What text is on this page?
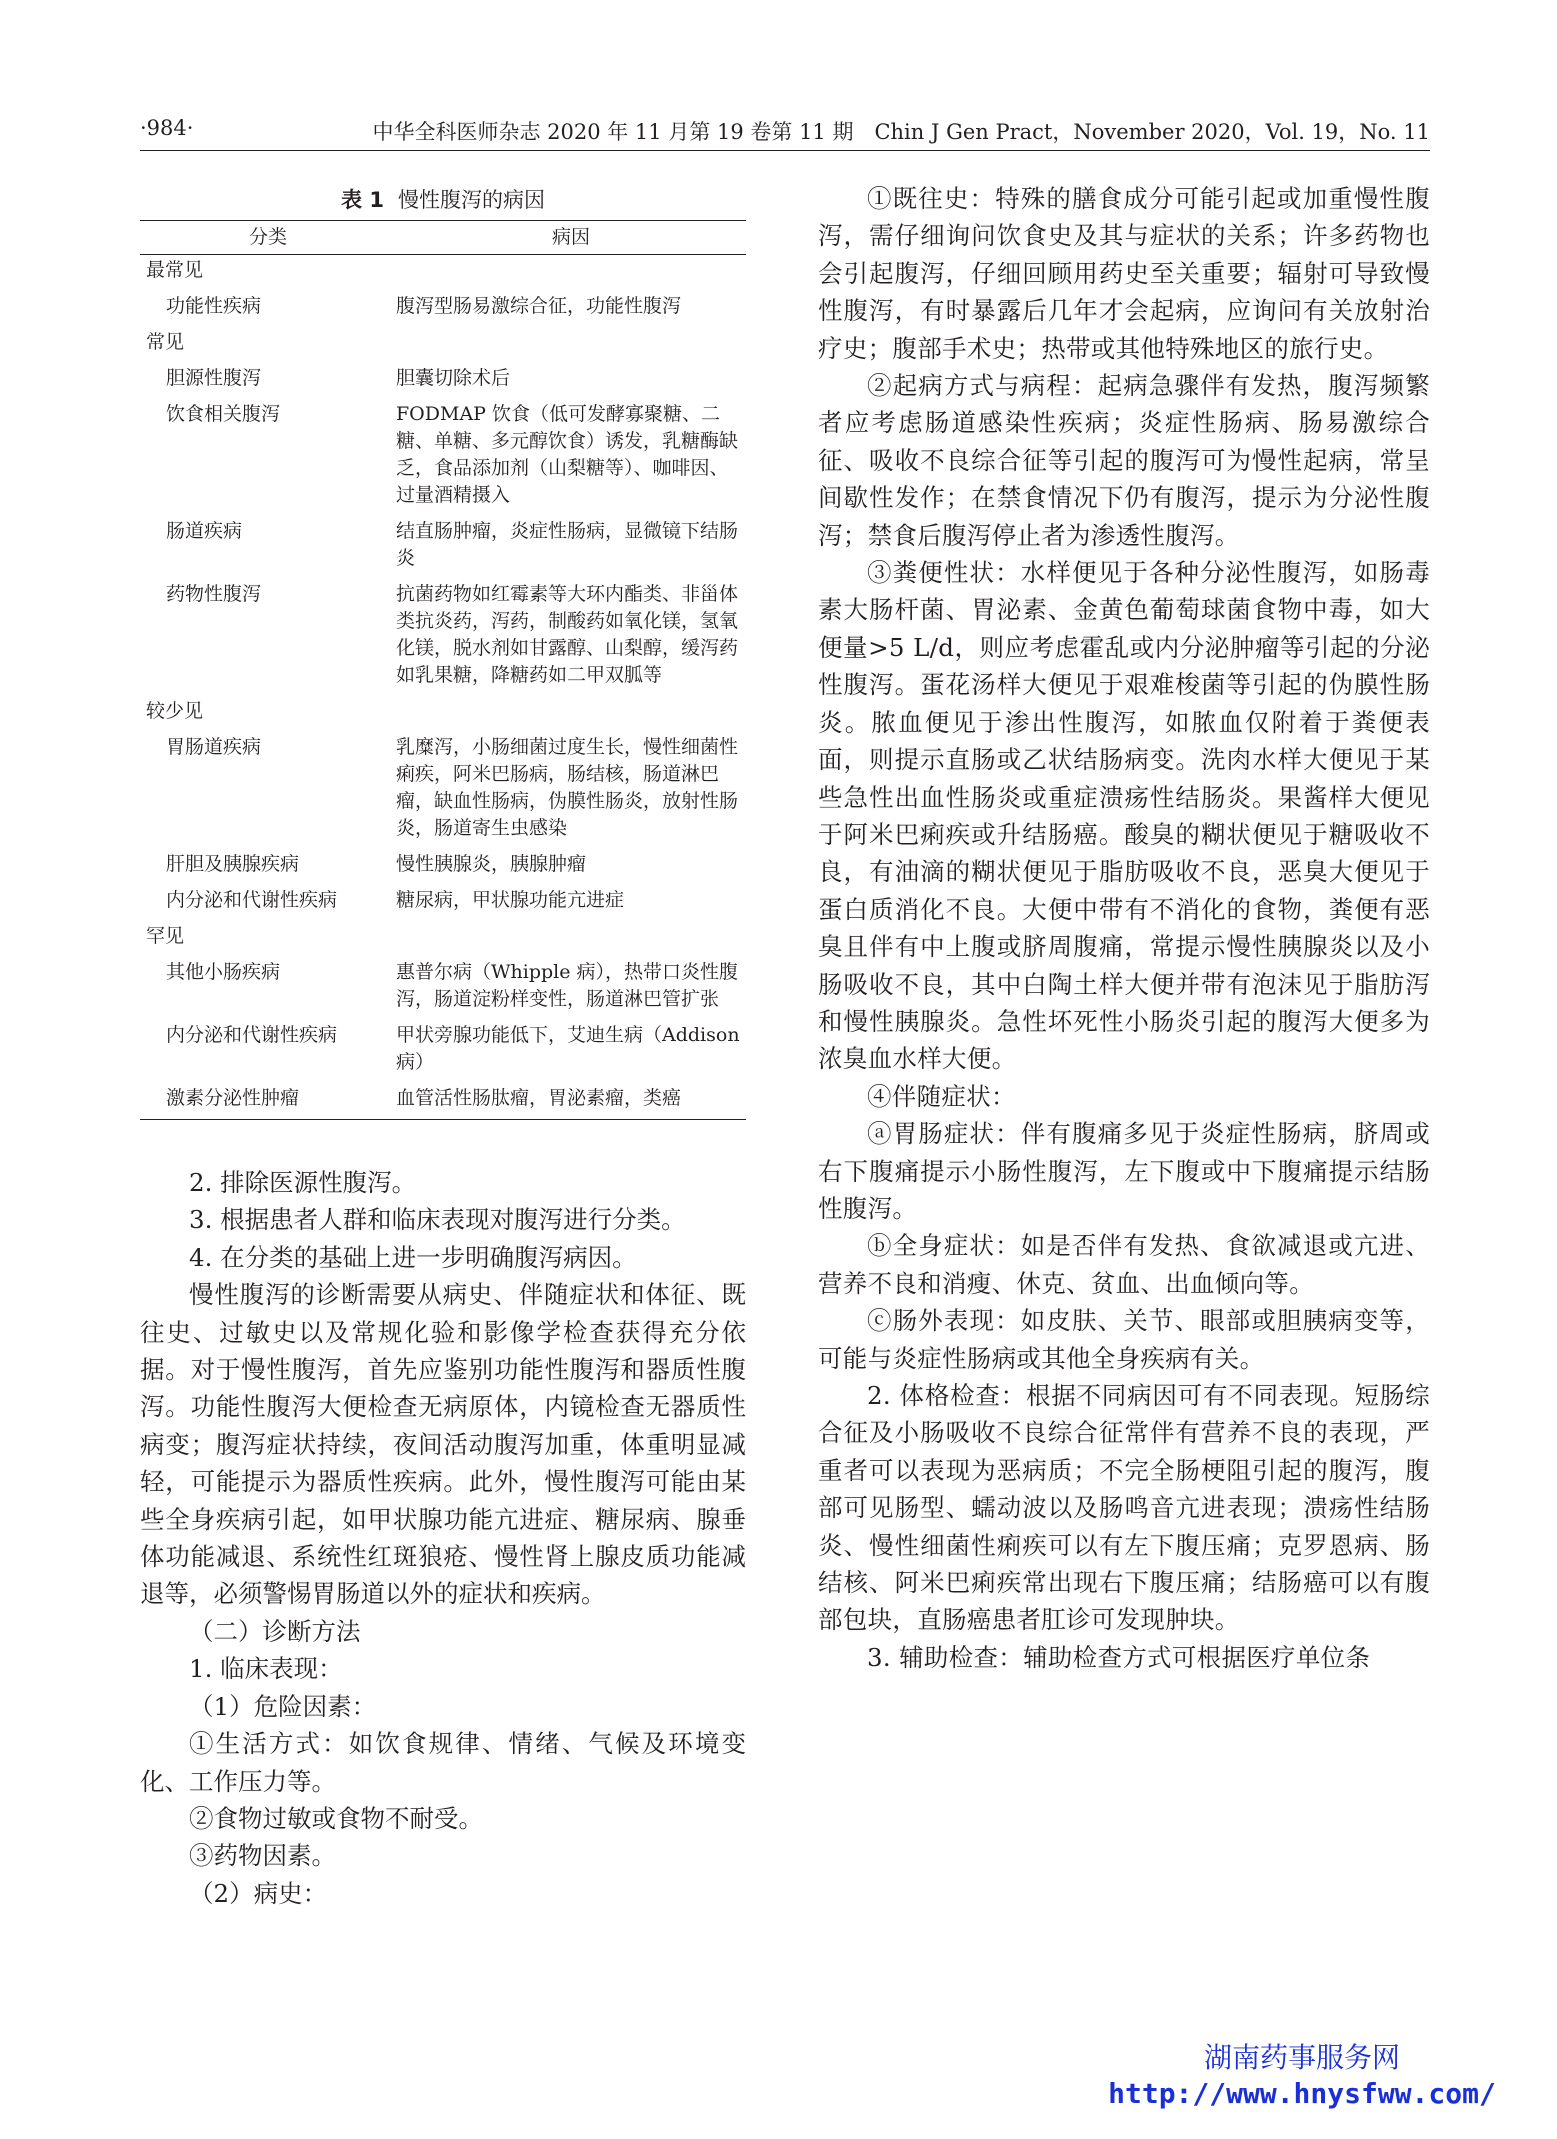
·984·	中华全科医师杂志 2020 年 11 月第 19 卷第 11 期　Chin J Gen Pract，November 2020，Vol. 19，No. 11
表 1 慢性腹泻的病因
分类	病因
最常见	
功能性疾病	腹泻型肠易激综合征，功能性腹泻
常见	
胆源性腹泻	胆囊切除术后
饮食相关腹泻	FODMAP 饮食（低可发酵寡聚糖、二糖、单糖、多元醇饮食）诱发，乳糖酶缺乏，食品添加剂（山梨糖等）、咖啡因、过量酒精摄入
肠道疾病	结直肠肿瘤，炎症性肠病，显微镜下结肠炎
药物性腹泻	抗菌药物如红霉素等大环内酯类、非甾体类抗炎药，泻药，制酸药如氧化镁，氢氧化镁，脱水剂如甘露醇、山梨醇，缓泻药如乳果糖，降糖药如二甲双胍等
较少见	
胃肠道疾病	乳糜泻，小肠细菌过度生长，慢性细菌性痢疾，阿米巴肠病，肠结核，肠道淋巴瘤，缺血性肠病，伪膜性肠炎，放射性肠炎，肠道寄生虫感染
肝胆及胰腺疾病	慢性胰腺炎，胰腺肿瘤
内分泌和代谢性疾病	糖尿病，甲状腺功能亢进症
罕见	
其他小肠疾病	惠普尔病（Whipple 病），热带口炎性腹泻，肠道淀粉样变性，肠道淋巴管扩张
内分泌和代谢性疾病	甲状旁腺功能低下，艾迪生病（Addison 病）
激素分泌性肿瘤	血管活性肠肽瘤，胃泌素瘤，类癌

2. 排除医源性腹泻。

3. 根据患者人群和临床表现对腹泻进行分类。

4. 在分类的基础上进一步明确腹泻病因。

慢性腹泻的诊断需要从病史、伴随症状和体征、既往史、过敏史以及常规化验和影像学检查获得充分依据。对于慢性腹泻，首先应鉴别功能性腹泻和器质性腹泻。功能性腹泻大便检查无病原体，内镜检查无器质性病变；腹泻症状持续，夜间活动腹泻加重，体重明显减轻，可能提示为器质性疾病。此外，慢性腹泻可能由某些全身疾病引起，如甲状腺功能亢进症、糖尿病、腺垂体功能减退、系统性红斑狼疮、慢性肾上腺皮质功能减退等，必须警惕胃肠道以外的症状和疾病。

（二）诊断方法

1. 临床表现：

（1）危险因素：

①生活方式：如饮食规律、情绪、气候及环境变化、工作压力等。

②食物过敏或食物不耐受。

③药物因素。

（2）病史：

①既往史：特殊的膳食成分可能引起或加重慢性腹泻，需仔细询问饮食史及其与症状的关系；许多药物也会引起腹泻，仔细回顾用药史至关重要；辐射可导致慢性腹泻，有时暴露后几年才会起病，应询问有关放射治疗史；腹部手术史；热带或其他特殊地区的旅行史。

②起病方式与病程：起病急骤伴有发热，腹泻频繁者应考虑肠道感染性疾病；炎症性肠病、肠易激综合征、吸收不良综合征等引起的腹泻可为慢性起病，常呈间歇性发作；在禁食情况下仍有腹泻，提示为分泌性腹泻；禁食后腹泻停止者为渗透性腹泻。

③粪便性状：水样便见于各种分泌性腹泻，如肠毒素大肠杆菌、胃泌素、金黄色葡萄球菌食物中毒，如大便量>5 L/d，则应考虑霍乱或内分泌肿瘤等引起的分泌性腹泻。蛋花汤样大便见于艰难梭菌等引起的伪膜性肠炎。脓血便见于渗出性腹泻，如脓血仅附着于粪便表面，则提示直肠或乙状结肠病变。洗肉水样大便见于某些急性出血性肠炎或重症溃疡性结肠炎。果酱样大便见于阿米巴痢疾或升结肠癌。酸臭的糊状便见于糖吸收不良，有油滴的糊状便见于脂肪吸收不良，恶臭大便见于蛋白质消化不良。大便中带有不消化的食物，粪便有恶臭且伴有中上腹或脐周腹痛，常提示慢性胰腺炎以及小肠吸收不良，其中白陶土样大便并带有泡沫见于脂肪泻和慢性胰腺炎。急性坏死性小肠炎引起的腹泻大便多为浓臭血水样大便。

④伴随症状：

ⓐ胃肠症状：伴有腹痛多见于炎症性肠病，脐周或右下腹痛提示小肠性腹泻，左下腹或中下腹痛提示结肠性腹泻。

ⓑ全身症状：如是否伴有发热、食欲减退或亢进、营养不良和消瘦、休克、贫血、出血倾向等。

ⓒ肠外表现：如皮肤、关节、眼部或胆胰病变等，可能与炎症性肠病或其他全身疾病有关。

2. 体格检查：根据不同病因可有不同表现。短肠综合征及小肠吸收不良综合征常伴有营养不良的表现，严重者可以表现为恶病质；不完全肠梗阻引起的腹泻，腹部可见肠型、蠕动波以及肠鸣音亢进表现；溃疡性结肠炎、慢性细菌性痢疾可以有左下腹压痛；克罗恩病、肠结核、阿米巴痢疾常出现右下腹压痛；结肠癌可以有腹部包块，直肠癌患者肛诊可发现肿块。

3. 辅助检查：辅助检查方式可根据医疗单位条

湖南药事服务网
http://www.hnysfww.com/
